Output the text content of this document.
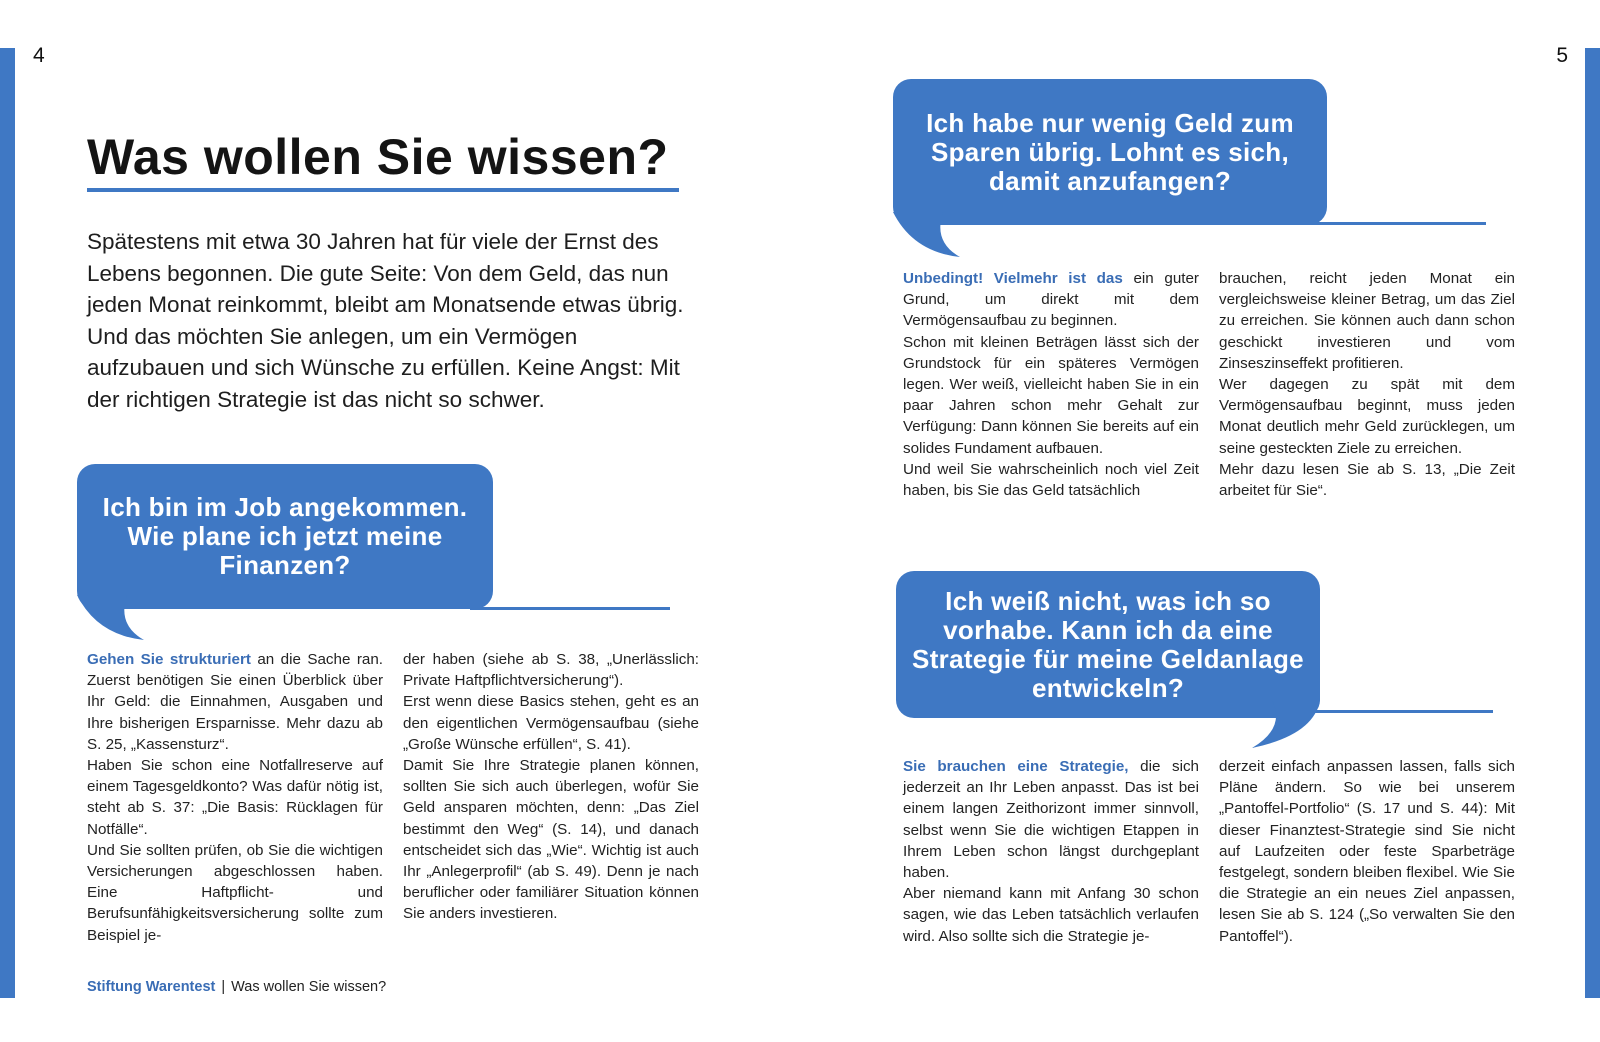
4	5
Was wollen Sie wissen?

Spätestens mit etwa 30 Jahren hat für viele der Ernst des Lebens begonnen. Die gute Seite: Von dem Geld, das nun jeden Monat reinkommt, bleibt am Monatsende etwas übrig. Und das möchten Sie anlegen, um ein Vermögen aufzubauen und sich Wünsche zu erfüllen. Keine Angst: Mit der richtigen Strategie ist das nicht so schwer.

Ich bin im Job angekommen. Wie plane ich jetzt meine Finanzen?

Gehen Sie strukturiert an die Sache ran. Zuerst benötigen Sie einen Überblick über Ihr Geld: die Einnahmen, Ausgaben und Ihre bisherigen Ersparnisse. Mehr dazu ab S. 25, „Kassensturz“.

Haben Sie schon eine Notfallreserve auf einem Tagesgeldkonto? Was dafür nötig ist, steht ab S. 37: „Die Basis: Rücklagen für Notfälle“.

Und Sie sollten prüfen, ob Sie die wichtigen Versicherungen abgeschlossen haben. Eine Haftpflicht- und Berufsunfähigkeitsversicherung sollte zum Beispiel je-

der haben (siehe ab S. 38, „Unerlässlich: Private Haftpflichtversicherung“).

Erst wenn diese Basics stehen, geht es an den eigentlichen Vermögensaufbau (siehe „Große Wünsche erfüllen“, S. 41).

Damit Sie Ihre Strategie planen können, sollten Sie sich auch überlegen, wofür Sie Geld ansparen möchten, denn: „Das Ziel bestimmt den Weg“ (S. 14), und danach entscheidet sich das „Wie“. Wichtig ist auch Ihr „Anlegerprofil“ (ab S. 49). Denn je nach beruflicher oder familiärer Situation können Sie anders investieren.

Ich habe nur wenig Geld zum Sparen übrig. Lohnt es sich, damit anzufangen?

Unbedingt! Vielmehr ist das ein guter Grund, um direkt mit dem Vermögensaufbau zu beginnen.

Schon mit kleinen Beträgen lässt sich der Grundstock für ein späteres Vermögen legen. Wer weiß, vielleicht haben Sie in ein paar Jahren schon mehr Gehalt zur Verfügung: Dann können Sie bereits auf ein solides Fundament aufbauen.

Und weil Sie wahrscheinlich noch viel Zeit haben, bis Sie das Geld tatsächlich

brauchen, reicht jeden Monat ein vergleichsweise kleiner Betrag, um das Ziel zu erreichen. Sie können auch dann schon geschickt investieren und vom Zinseszinseffekt profitieren.

Wer dagegen zu spät mit dem Vermögensaufbau beginnt, muss jeden Monat deutlich mehr Geld zurücklegen, um seine gesteckten Ziele zu erreichen.

Mehr dazu lesen Sie ab S. 13, „Die Zeit arbeitet für Sie“.

Ich weiß nicht, was ich so vorhabe. Kann ich da eine Strategie für meine Geldanlage entwickeln?

Sie brauchen eine Strategie, die sich jederzeit an Ihr Leben anpasst. Das ist bei einem langen Zeithorizont immer sinnvoll, selbst wenn Sie die wichtigen Etappen in Ihrem Leben schon längst durchgeplant haben.

Aber niemand kann mit Anfang 30 schon sagen, wie das Leben tatsächlich verlaufen wird. Also sollte sich die Strategie je-

derzeit einfach anpassen lassen, falls sich Pläne ändern. So wie bei unserem „Pantoffel-Portfolio“ (S. 17 und S. 44): Mit dieser Finanztest-Strategie sind Sie nicht auf Laufzeiten oder feste Sparbeträge festgelegt, sondern bleiben flexibel. Wie Sie die Strategie an ein neues Ziel anpassen, lesen Sie ab S. 124 („So verwalten Sie den Pantoffel“).

Stiftung Warentest | Was wollen Sie wissen?
